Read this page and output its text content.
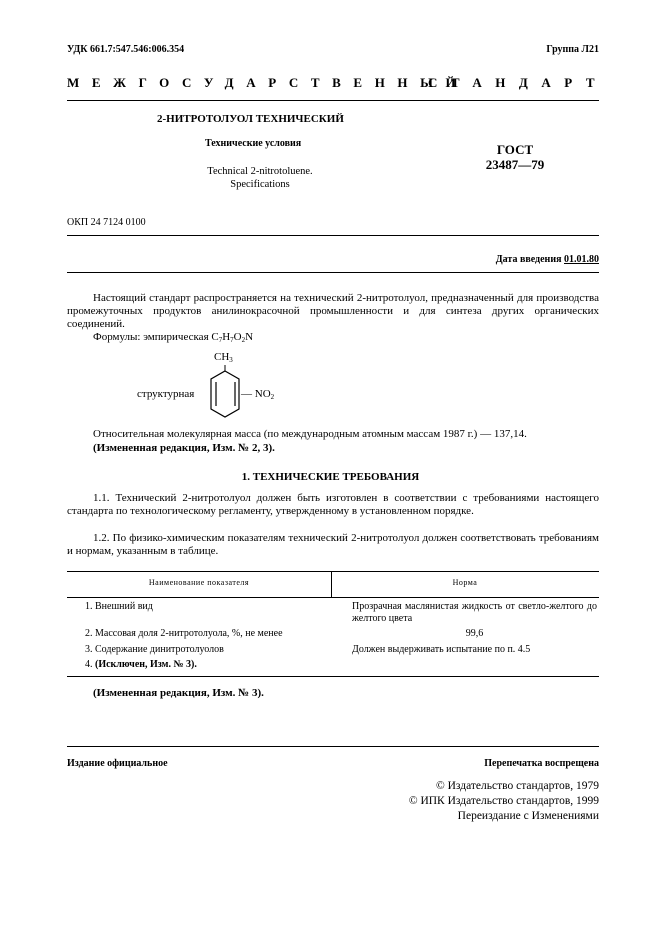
УДК 661.7:547.546:006.354	Группа Л21
МЕЖГОСУДАРСТВЕННЫЙ
СТАНДАРТ
2-НИТРОТОЛУОЛ ТЕХНИЧЕСКИЙ
Технические условия
Technical 2-nitrotoluene.
Specifications
ГОСТ
23487—79
ОКП 24 7124 0100
Дата введения 01.01.80
Настоящий стандарт распространяется на технический 2-нитротолуол, предназначенный для производства промежуточных продуктов анилинокрасочной промышленности и для синтеза других органических соединений.
Формулы: эмпирическая $C_7H_7O_2N$
структурная
$CH_3$
— $NO_2$
Относительная молекулярная масса (по международным атомным массам 1987 г.) — 137,14.
(Измененная редакция, Изм. № 2, 3).
1. ТЕХНИЧЕСКИЕ ТРЕБОВАНИЯ
1.1. Технический 2-нитротолуол должен быть изготовлен в соответствии с требованиями настоящего стандарта по технологическому регламенту, утвержденному в установленном порядке.
1.2. По физико-химическим показателям технический 2-нитротолуол должен соответствовать требованиям и нормам, указанным в таблице.
Наименование показателя	Норма
1. Внешний вид	Прозрачная маслянистая жидкость от светло-желтого до желтого цвета
2. Массовая доля 2-нитротолуола, %, не менее	99,6
3. Содержание динитротолуолов	Должен выдерживать испытание по п. 4.5
4. (Исключен, Изм. № 3).
(Измененная редакция, Изм. № 3).
Издание официальное	Перепечатка воспрещена
© Издательство стандартов, 1979
© ИПК Издательство стандартов, 1999
Переиздание с Изменениями
